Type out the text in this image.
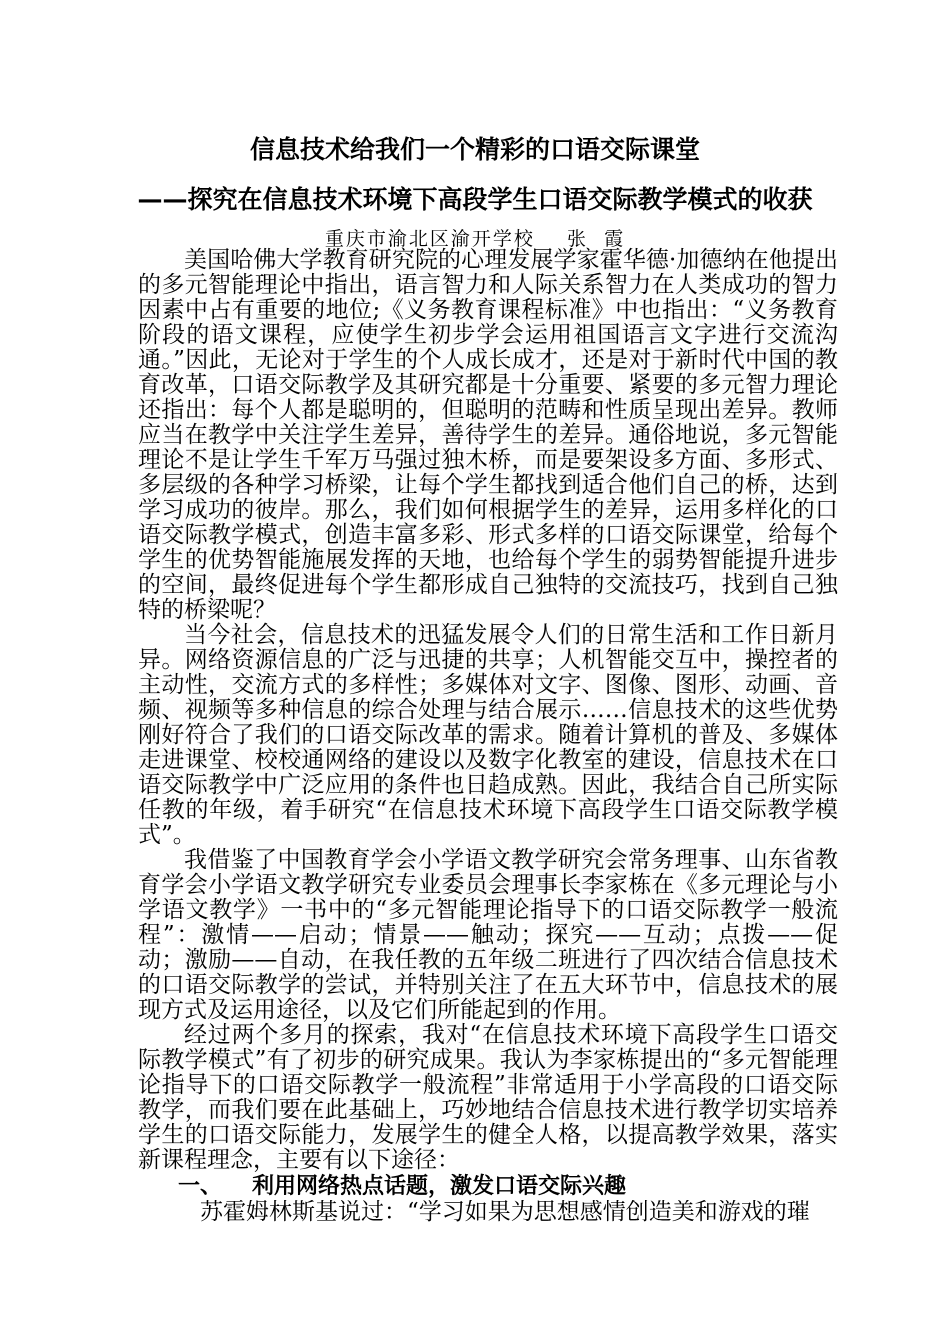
信息技术给我们一个精彩的口语交际课堂
——探究在信息技术环境下高段学生口语交际教学模式的收获
重庆市渝北区渝开学校    张  霞

美国哈佛大学教育研究院的心理发展学家霍华德·加德纳在他提出的多元智能理论中指出，语言智力和人际关系智力在人类成功的智力因素中占有重要的地位;《义务教育课程标准》中也指出：“义务教育阶段的语文课程，应使学生初步学会运用祖国语言文字进行交流沟通。”因此，无论对于学生的个人成长成才，还是对于新时代中国的教育改革，口语交际教学及其研究都是十分重要、紧要的多元智力理论还指出：每个人都是聪明的，但聪明的范畴和性质呈现出差异。教师应当在教学中关注学生差异，善待学生的差异。通俗地说，多元智能理论不是让学生千军万马强过独木桥，而是要架设多方面、多形式、多层级的各种学习桥梁，让每个学生都找到适合他们自己的桥，达到学习成功的彼岸。那么，我们如何根据学生的差异，运用多样化的口语交际教学模式，创造丰富多彩、形式多样的口语交际课堂，给每个学生的优势智能施展发挥的天地，也给每个学生的弱势智能提升进步的空间，最终促进每个学生都形成自己独特的交流技巧，找到自己独特的桥梁呢？

当今社会，信息技术的迅猛发展令人们的日常生活和工作日新月异。网络资源信息的广泛与迅捷的共享；人机智能交互中，操控者的主动性，交流方式的多样性；多媒体对文字、图像、图形、动画、音频、视频等多种信息的综合处理与结合展示……信息技术的这些优势刚好符合了我们的口语交际改革的需求。随着计算机的普及、多媒体走进课堂、校校通网络的建设以及数字化教室的建设，信息技术在口语交际教学中广泛应用的条件也日趋成熟。因此，我结合自己所实际任教的年级，着手研究“在信息技术环境下高段学生口语交际教学模式”。

我借鉴了中国教育学会小学语文教学研究会常务理事、山东省教育学会小学语文教学研究专业委员会理事长李家栋在《多元理论与小学语文教学》一书中的“多元智能理论指导下的口语交际教学一般流程”：激情——启动；情景——触动；探究——互动；点拨——促动；激励——自动，在我任教的五年级二班进行了四次结合信息技术的口语交际教学的尝试，并特别关注了在五大环节中，信息技术的展现方式及运用途径，以及它们所能起到的作用。

经过两个多月的探索，我对“在信息技术环境下高段学生口语交际教学模式”有了初步的研究成果。我认为李家栋提出的“多元智能理论指导下的口语交际教学一般流程”非常适用于小学高段的口语交际教学，而我们要在此基础上，巧妙地结合信息技术进行教学切实培养学生的口语交际能力，发展学生的健全人格，以提高教学效果，落实新课程理念，主要有以下途径：

一、 利用网络热点话题，激发口语交际兴趣

苏霍姆林斯基说过：“学习如果为思想感情创造美和游戏的璀
